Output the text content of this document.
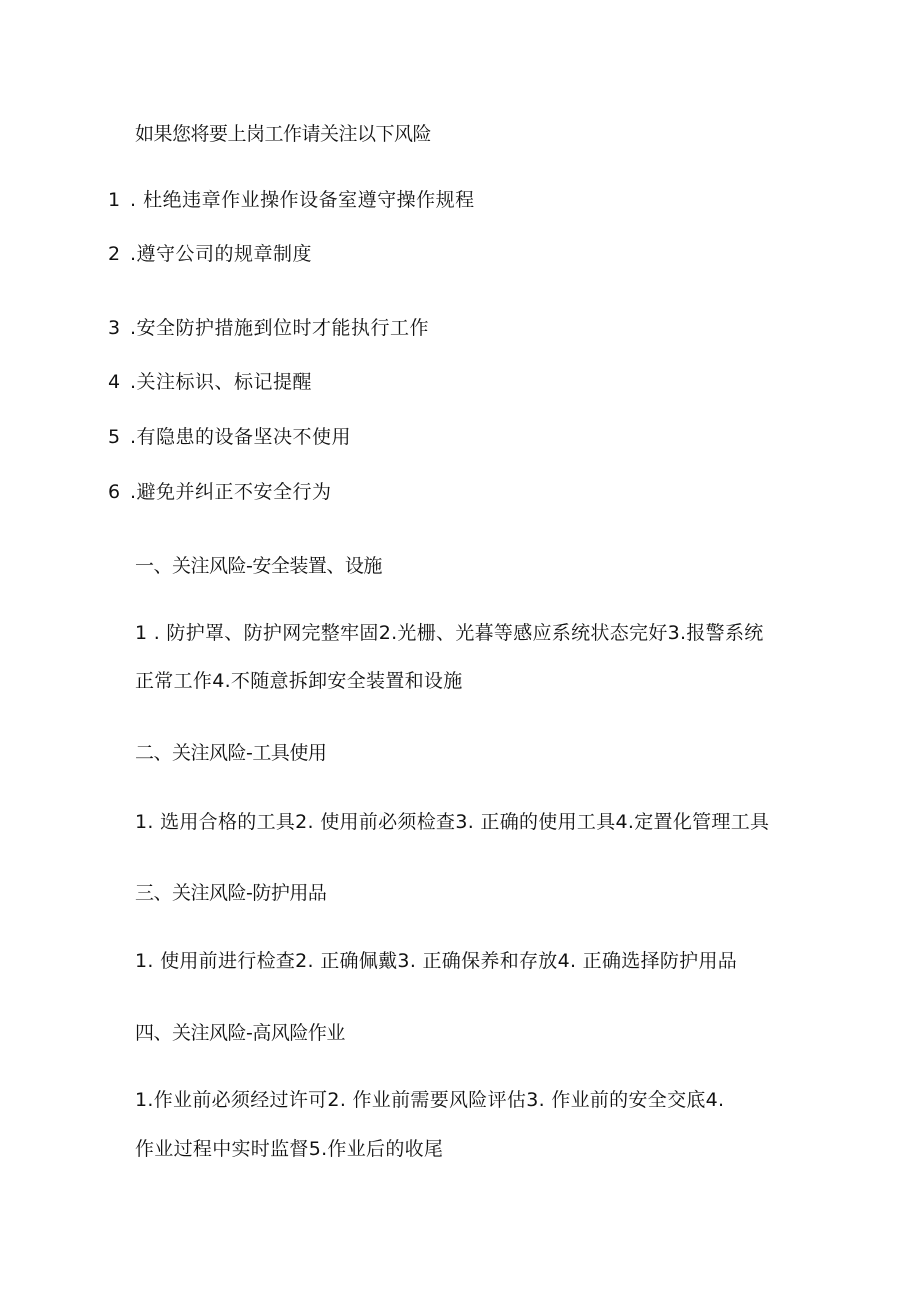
如果您将要上岗工作请关注以下风险
1 . 杜绝违章作业操作设备室遵守操作规程
2 .遵守公司的规章制度
3 .安全防护措施到位时才能执行工作
4 .关注标识、标记提醒
5 .有隐患的设备坚决不使用
6 .避免并纠正不安全行为
一、关注风险-安全装置、设施
1 . 防护罩、防护网完整牢固2.光栅、光暮等感应系统状态完好3.报警系统
正常工作4.不随意拆卸安全装置和设施
二、关注风险-工具使用
1. 选用合格的工具2. 使用前必须检查3. 正确的使用工具4.定置化管理工具
三、关注风险-防护用品
1. 使用前进行检查2. 正确佩戴3. 正确保养和存放4. 正确选择防护用品
四、关注风险-高风险作业
1.作业前必须经过许可2. 作业前需要风险评估3. 作业前的安全交底4.
作业过程中实时监督5.作业后的收尾
